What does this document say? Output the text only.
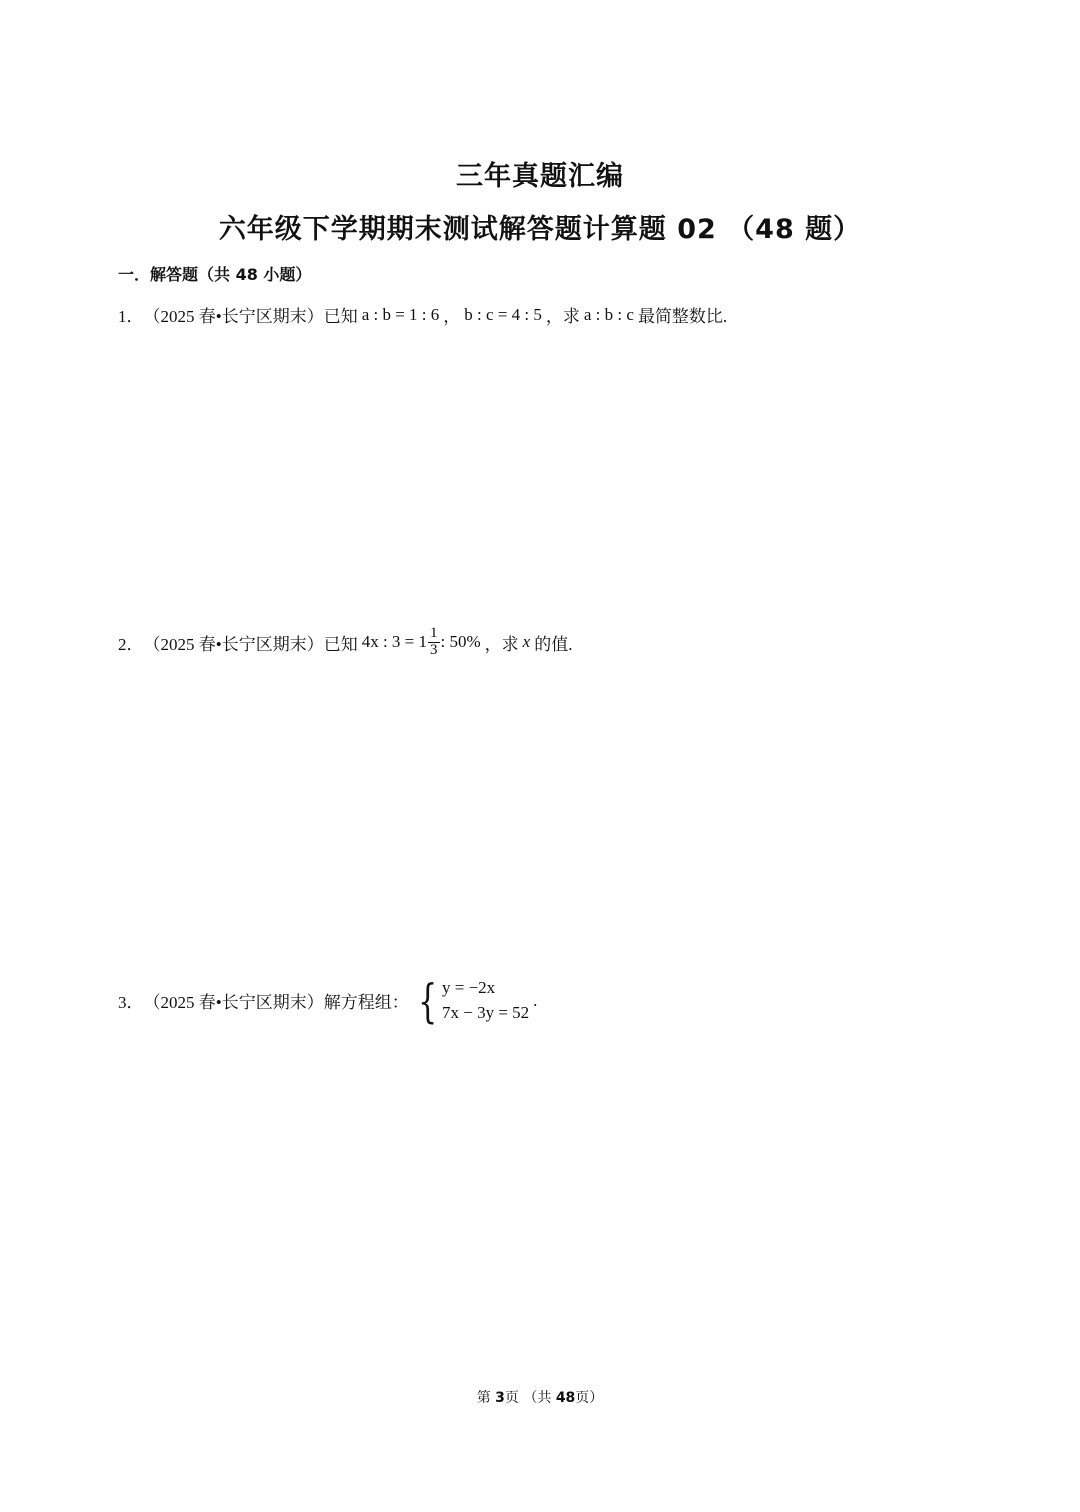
三年真题汇编
六年级下学期期末测试解答题计算题 02 （48 题）
一．解答题（共 48 小题）
1． （2025 春•长宁区期末） 已知 a : b = 1 : 6 ， b : c = 4 : 5 ，求 a : b : c 最简整数比.
2． （2025 春•长宁区期末） 已知 4x : $3 = 1 \frac{1}{3}$ : 50% ，求 x 的值.
3． （2025 春•长宁区期末） 解方程组： { y = −2x
7x − 3y = 52
.
第 3页 （共 48页）
